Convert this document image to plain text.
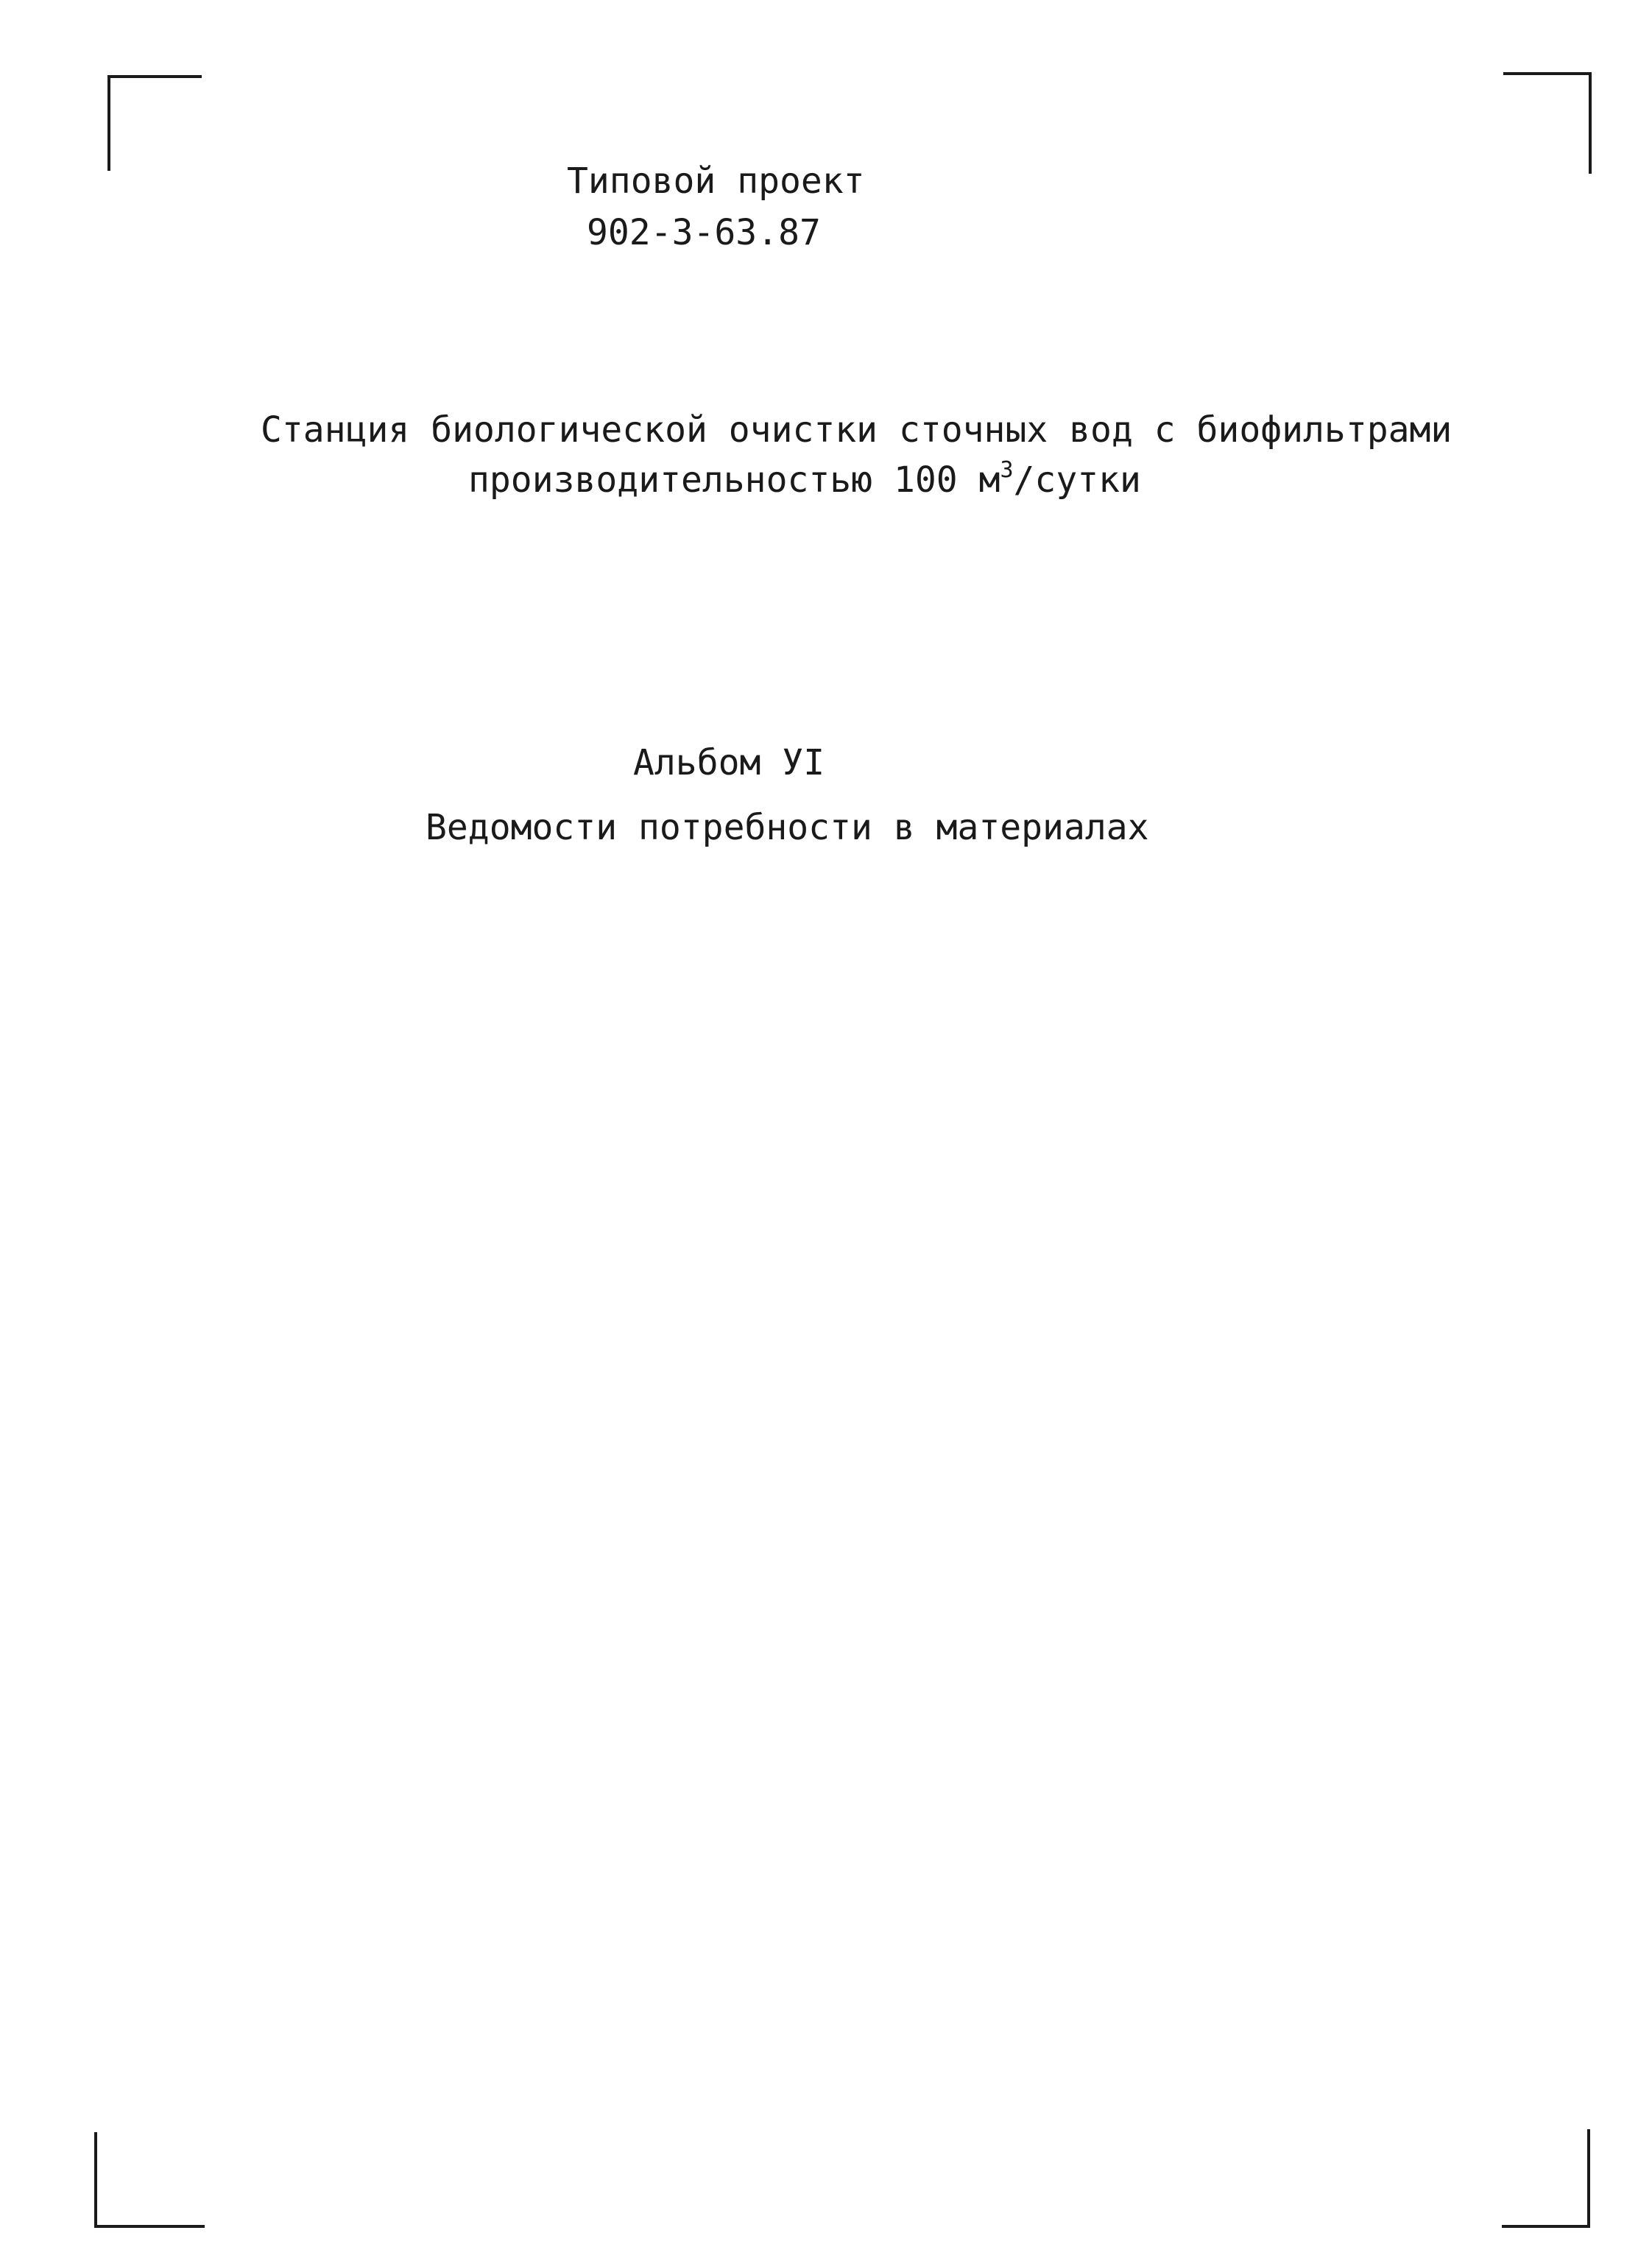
Типовой проект
902-3-63.87
Станция биологической очистки сточных вод с биофильтрами
производительностью 100 $м^3$/сутки
Альбом УI
Ведомости потребности в материалах
